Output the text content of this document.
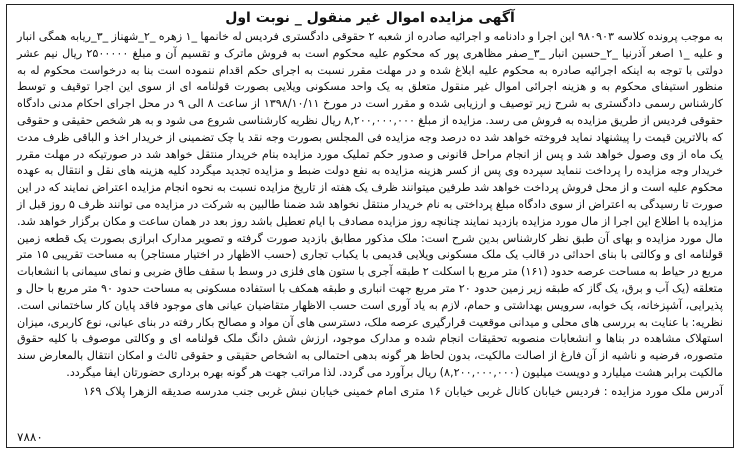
آگهی مزایده اموال غیر منقول _ نوبت اول

به موجب پرونده کلاسه ۹۸۰۹۰۳ این اجرا و دادنامه و اجرائیه صادره از شعبه ۲ حقوقی دادگستری فردیس له خانمها _۱ زهره _۲_شهناز _۳_ریابه همگی انبار و علیه _۱ اصغر آذرنیا _۲_حسین انبار _۳_صفر مظاهری پور که محکوم علیه محکوم است به فروش ماترک و تقسیم آن و مبلغ ۲۵۰۰۰۰۰ ریال نیم عشر دولتی با توجه به اینکه اجرائیه صادره به محکوم علیه ابلاغ شده و در مهلت مقرر نسبت به اجرای حکم اقدام ننموده است بنا به درخواست محکوم له به منظور استیفای محکوم به و هزینه اجرائی اموال غیر منقول متعلق به یک واحد مسکونی ویلایی بصورت قولنامه ای از سوی این اجرا توقیف و توسط کارشناس رسمی دادگستری به شرح زیر توصیف و ارزیابی شده و مقرر است در مورخ ۱۳۹۸/۱۰/۱۱ از ساعت ۸ الی ۹ در محل اجرای احکام مدنی دادگاه حقوقی فردیس از طریق مزایده به فروش می رسد. مزایده از مبلغ ۸,۲۰۰,۰۰۰,۰۰۰ ریال نظریه کارشناسی شروع می شود و به هر شخص حقیقی و حقوقی که بالاترین قیمت را پیشنهاد نماید فروخته خواهد شد ده درصد وجه مزایده فی المجلس بصورت وجه نقد یا چک تضمینی از خریدار اخذ و الباقی ظرف مدت یک ماه از وی وصول خواهد شد و پس از انجام مراحل قانونی و صدور حکم تملیک مورد مزایده بنام خریدار منتقل خواهد شد در صورتیکه در مهلت مقرر خریدار وجه مزایده را پرداخت ننماید سپرده وی پس از کسر هزینه مزایده به نفع دولت ضبط و مزایده تجدید میگردد کلیه هزینه های نقل و انتقال به عهده محکوم علیه است و از محل فروش پرداخت خواهد شد طرفین میتوانند ظرف یک هفته از تاریخ مزایده نسبت به نحوه انجام مزایده اعتراض نمایند که در این صورت تا رسیدگی به اعتراض از سوی دادگاه مبلغ پرداختی به نام خریدار منتقل نخواهد شد ضمنا طالبین به شرکت در مزایده می توانند ظرف ۵ روز قبل از مزایده با اطلاع این اجرا از مال مورد مزایده بازدید نمایند چنانچه روز مزایده مصادف با ایام تعطیل باشد روز بعد در همان ساعت و مکان برگزار خواهد شد. مال مورد مزایده و بهای آن طبق نظر کارشناس بدین شرح است: ملک مذکور مطابق بازدید صورت گرفته و تصویر مدارک ابرازی بصورت یک قطعه زمین قولنامه ای و وکالتی با بنای احداثی در قالب یک ملک مسکونی ویلایی قدیمی با یکباب تجاری (حسب الاظهار در اختیار مستاجر) به مساحت تقریبی ۱۵ متر مربع در حیاط به مساحت عرصه حدود (۱۶۱) متر مربع با اسکلت ۲ طبقه آجری با ستون های فلزی در وسط با سقف طاق ضربی و نمای سیمانی با انشعابات متعلقه (یک آب و برق، یک گاز که طبقه زیر زمین حدود ۲۰ متر مربع جهت انباری و طبقه همکف با استفاده مسکونی به مساحت حدود ۹۰ متر مربع با حال و پذیرایی، آشپزخانه، یک خوابه، سرویس بهداشتی و حمام، لازم به یاد آوری است حسب الاظهار متقاضیان عیانی های موجود فاقد پایان کار ساختمانی است. نظریه: با عنایت به بررسی های محلی و میدانی موقعیت قرارگیری عرصه ملک، دسترسی های آن مواد و مصالح بکار رفته در بنای عیانی، نوع کاربری، میزان استهلاک مشاهده در بناها و انشعابات منصوبه تحقیقات انجام شده و مدارک موجود، ارزش شش دانگ ملک قولنامه ای و وکالتی موصوف با کلیه حقوق متصوره، فرضیه و ناشیه از آن فارغ از اصالت مالکیت، بدون لحاظ هر گونه بدهی احتمالی به اشخاص حقیقی و حقوقی ثالث و امکان انتقال بالمعارض سند مالکیت برابر هشت میلیارد و دویست میلیون (۸,۲۰۰,۰۰۰,۰۰۰) ریال برآورد می گردد. لذا مراتب جهت هر گونه بهره برداری حضورتان ایفا میگردد.

آدرس ملک مورد مزایده : فردیس خیابان کانال غربی خیابان ۱۶ متری امام خمینی خیابان نبش غربی جنب مدرسه صدیقه الزهرا پلاک ۱۶۹
۷۸۸۰
